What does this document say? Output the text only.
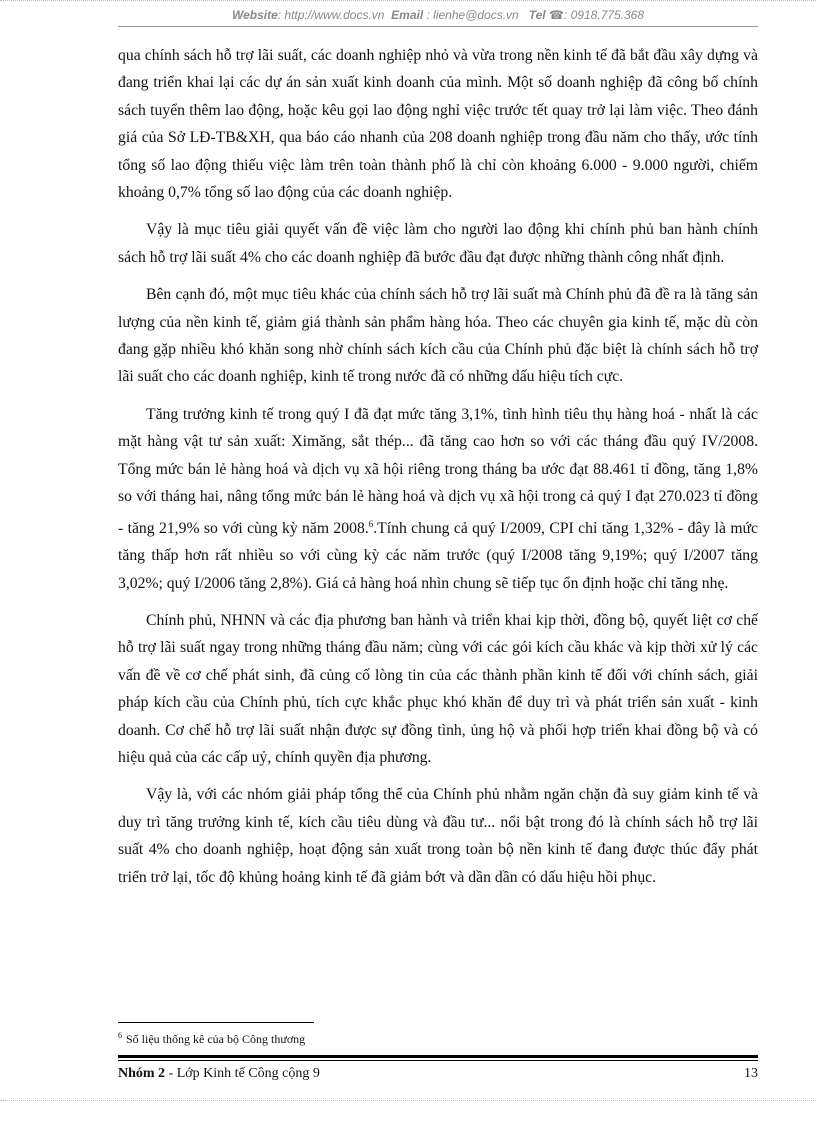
Website: http://www.docs.vn Email : lienhe@docs.vn Tel ☎: 0918.775.368

qua chính sách hỗ trợ lãi suất, các doanh nghiệp nhỏ và vừa trong nền kinh tế đã bắt đầu xây dựng và đang triển khai lại các dự án sản xuất kinh doanh của mình. Một số doanh nghiệp đã công bố chính sách tuyển thêm lao động, hoặc kêu gọi lao động nghỉ việc trước tết quay trở lại làm việc. Theo đánh giá của Sở LĐ-TB&XH, qua báo cáo nhanh của 208 doanh nghiệp trong đầu năm cho thấy, ước tính tổng số lao động thiếu việc làm trên toàn thành phố là chỉ còn khoảng 6.000 - 9.000 người, chiếm khoảng 0,7% tổng số lao động của các doanh nghiệp.

Vậy là mục tiêu giải quyết vấn đề việc làm cho người lao động khi chính phủ ban hành chính sách hỗ trợ lãi suất 4% cho các doanh nghiệp đã bước đầu đạt được những thành công nhất định.

Bên cạnh đó, một mục tiêu khác của chính sách hỗ trợ lãi suất mà Chính phủ đã đề ra là tăng sản lượng của nền kinh tế, giảm giá thành sản phẩm hàng hóa. Theo các chuyên gia kinh tế, mặc dù còn đang gặp nhiều khó khăn song nhờ chính sách kích cầu của Chính phủ đặc biệt là chính sách hỗ trợ lãi suất cho các doanh nghiệp, kinh tế trong nước đã có những dấu hiệu tích cực.

Tăng trưởng kinh tế trong quý I đã đạt mức tăng 3,1%, tình hình tiêu thụ hàng hoá - nhất là các mặt hàng vật tư sản xuất: Ximăng, sắt thép... đã tăng cao hơn so với các tháng đầu quý IV/2008. Tổng mức bán lẻ hàng hoá và dịch vụ xã hội riêng trong tháng ba ước đạt 88.461 tỉ đồng, tăng 1,8% so với tháng hai, nâng tổng mức bán lẻ hàng hoá và dịch vụ xã hội trong cả quý I đạt 270.023 tỉ đồng - tăng 21,9% so với cùng kỳ năm 2008.$^6$.Tính chung cả quý I/2009, CPI chỉ tăng 1,32% - đây là mức tăng thấp hơn rất nhiều so với cùng kỳ các năm trước (quý I/2008 tăng 9,19%; quý I/2007 tăng 3,02%; quý I/2006 tăng 2,8%). Giá cả hàng hoá nhìn chung sẽ tiếp tục ổn định hoặc chỉ tăng nhẹ.

Chính phủ, NHNN và các địa phương ban hành và triển khai kịp thời, đồng bộ, quyết liệt cơ chế hỗ trợ lãi suất ngay trong những tháng đầu năm; cùng với các gói kích cầu khác và kịp thời xử lý các vấn đề về cơ chế phát sinh, đã củng cố lòng tin của các thành phần kinh tế đối với chính sách, giải pháp kích cầu của Chính phủ, tích cực khắc phục khó khăn để duy trì và phát triển sản xuất - kinh doanh. Cơ chế hỗ trợ lãi suất nhận được sự đồng tình, ủng hộ và phối hợp triển khai đồng bộ và có hiệu quả của các cấp uỷ, chính quyền địa phương.

Vậy là, với các nhóm giải pháp tổng thể của Chính phủ nhằm ngăn chặn đà suy giảm kinh tế và duy trì tăng trưởng kinh tế, kích cầu tiêu dùng và đầu tư... nổi bật trong đó là chính sách hỗ trợ lãi suất 4% cho doanh nghiệp, hoạt động sản xuất trong toàn bộ nền kinh tế đang được thúc đẩy phát triển trở lại, tốc độ khủng hoảng kinh tế đã giảm bớt và dần dần có dấu hiệu hồi phục.

$^6$ Số liệu thống kê của bộ Công thương
Nhóm 2 - Lớp Kinh tế Công cộng 9	13
